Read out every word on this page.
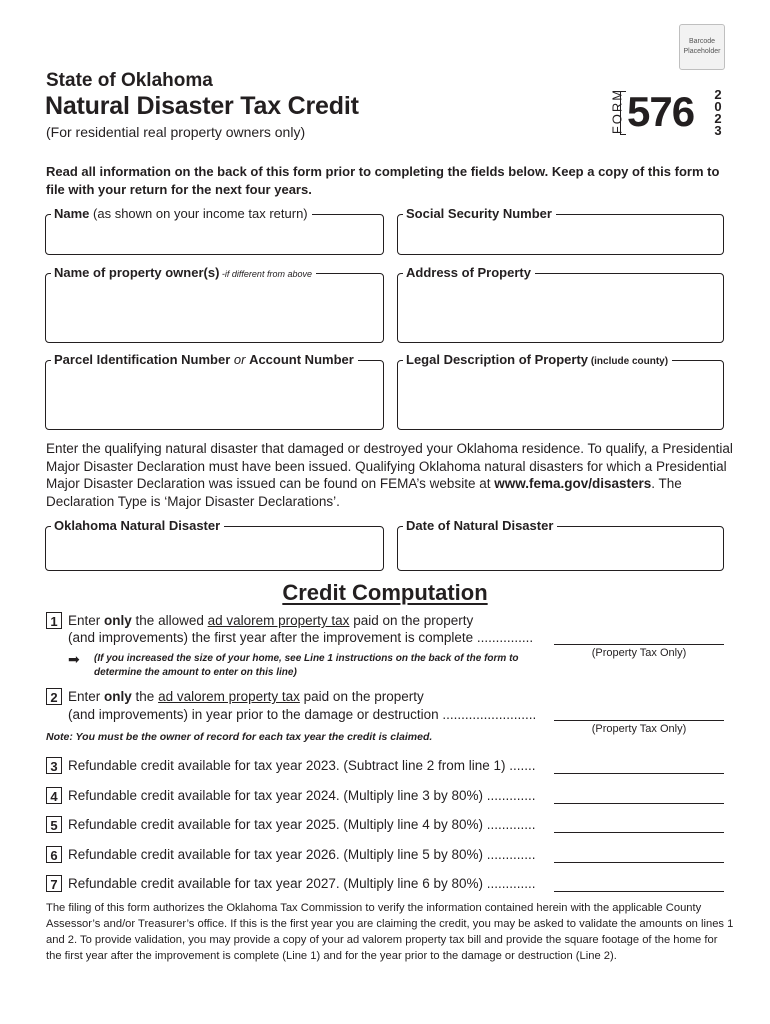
Barcode
Placeholder
State of Oklahoma
Natural Disaster Tax Credit
(For residential real property owners only)	FORM 576	2
0
2
3
Read all information on the back of this form prior to completing the fields below. Keep a copy of this form to file with your return for the next four years.
Name (as shown on your income tax return)	Social Security Number
Name of property owner(s) -if different from above	Address of Property
Parcel Identification Number or Account Number	Legal Description of Property (include county)
Enter the qualifying natural disaster that damaged or destroyed your Oklahoma residence. To qualify, a Presidential Major Disaster Declaration must have been issued. Qualifying Oklahoma natural disasters for which a Presidential Major Disaster Declaration was issued can be found on FEMA’s website at www.fema.gov/disasters. The Declaration Type is ‘Major Disaster Declarations’.
Oklahoma Natural Disaster	Date of Natural Disaster
Credit Computation
1 Enter only the allowed ad valorem property tax paid on the property
(and improvements) the first year after the improvement is complete ...............
(Property Tax Only)
➡ (If you increased the size of your home, see Line 1 instructions on the back of the form to determine the amount to enter on this line)
2 Enter only the ad valorem property tax paid on the property
(and improvements) in year prior to the damage or destruction .........................
(Property Tax Only)
Note: You must be the owner of record for each tax year the credit is claimed.
3 Refundable credit available for tax year 2023. (Subtract line 2 from line 1) .......
4 Refundable credit available for tax year 2024. (Multiply line 3 by 80%) .............
5 Refundable credit available for tax year 2025. (Multiply line 4 by 80%) .............
6 Refundable credit available for tax year 2026. (Multiply line 5 by 80%) .............
7 Refundable credit available for tax year 2027. (Multiply line 6 by 80%) .............
The filing of this form authorizes the Oklahoma Tax Commission to verify the information contained herein with the applicable County Assessor’s and/or Treasurer’s office. If this is the first year you are claiming the credit, you may be asked to validate the amounts on lines 1 and 2. To provide validation, you may provide a copy of your ad valorem property tax bill and provide the square footage of the home for the first year after the improvement is complete (Line 1) and for the year prior to the damage or destruction (Line 2).
